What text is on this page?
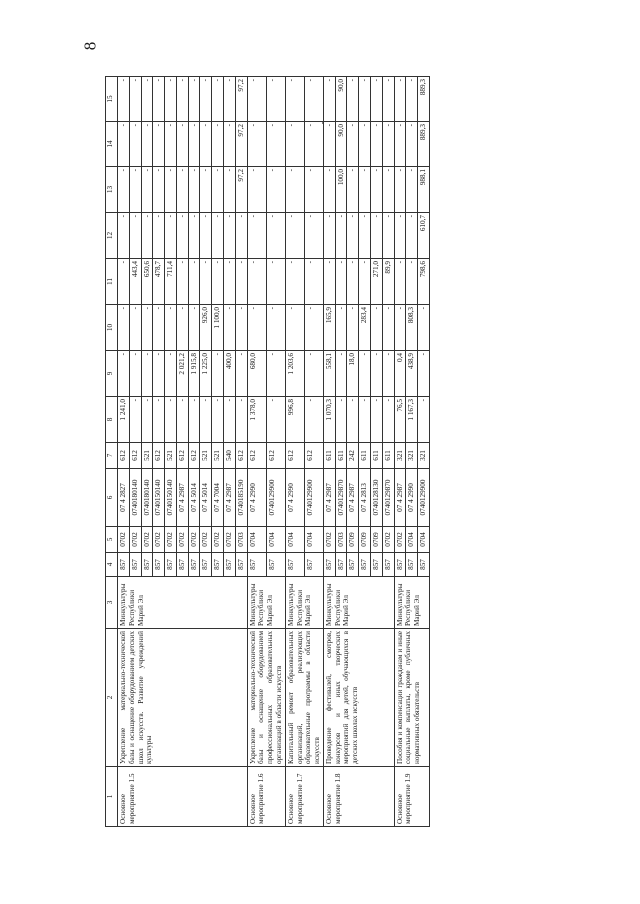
8
1	2	3	4	5	6	7	8	9	10	11	12	13	14	15
Основное мероприятие 1.5	Укрепление материально-технической базы и оснащение оборудованием детских школ искусств. Развитие учреждений культуры	Минкультуры Республики Марий Эл	857	0702	07 4 2827	612	1 241,0	-	-	-	-	-	-	-
			857	0702	0740180140	612	-	-	-	443,4	-	-	-	-
			857	0702	0740180140	521	-	-	-	650,6	-	-	-	-
			857	0702	0740150140	612	-	-	-	478,7	-	-	-	-
			857	0702	0740150140	521	-	-	-	711,4	-	-	-	-
			857	0702	07 4 2987	612	-	2 021,2	-	-	-	-	-	-
			857	0702	07 4 5014	612	-	1 915,8	-	-	-	-	-	-
			857	0702	07 4 5014	521	-	1 225,0	926,0	-	-	-	-	-
			857	0702	07 4 7004	521	-	-	1 100,0	-	-	-	-	-
			857	0702	07 4 2987	540	-	400,0	-	-	-	-	-	-
			857	0703	0740185190	612	-	-	-	-	-	97,2	97,2	97,2
Основное мероприятие 1.6	Укрепление материально-технической базы и оснащение оборудованием профессиональных образовательных организаций в области искусств	Минкультуры Республики Марий Эл	857	0704	07 4 2990	612	1 378,0	680,0	-	-	-	-	-	-
			857	0704	0740129900	612	-	-	-	-	-	-	-	-
Основное мероприятие 1.7	Капитальный ремонт образовательных организаций, реализующих образовательные программы в области искусств	Минкультуры Республики Марий Эл	857	0704	07 4 2990	612	996,8	1 203,6	-	-	-	-	-	-
			857	0704	0740129900	612	-	-	-	-	-	-	-	-
Основное мероприятие 1.8	Проведение фестивалей, смотров, конкурсов и иных творческих мероприятий для детей, обучающихся в детских школах искусств	Минкультуры Республики Марий Эл	857	0702	07 4 2987	611	1 070,3	558,1	165,9	-	-	-	-	-
			857	0703	0740129870	611	-	-	-	-	-	100,0	90,0	90,0
			857	0709	07 4 2987	242	-	18,0	-	-	-	-	-	-
			857	0709	07 4 2813	611	-	-	283,4	-	-	-	-	-
			857	0709	0740128130	611	-	-	-	271,0	-	-	-	-
			857	0702	0740129870	611	-	-	-	89,9	-	-	-	-
Основное мероприятие 1.9	Пособия и компенсации гражданам и иные социальные выплаты, кроме публичных нормативных обязательств	Минкультуры Республики Марий Эл	857	0702	07 4 2987	321	76,5	0,4	-	-	-	-	-	-
			857	0704	07 4 2990	321	1 167,3	438,9	808,3	-	-	-	-	-
			857	0704	0740129900	321	-	-	-	798,6	610,7	988,1	889,3	889,3
